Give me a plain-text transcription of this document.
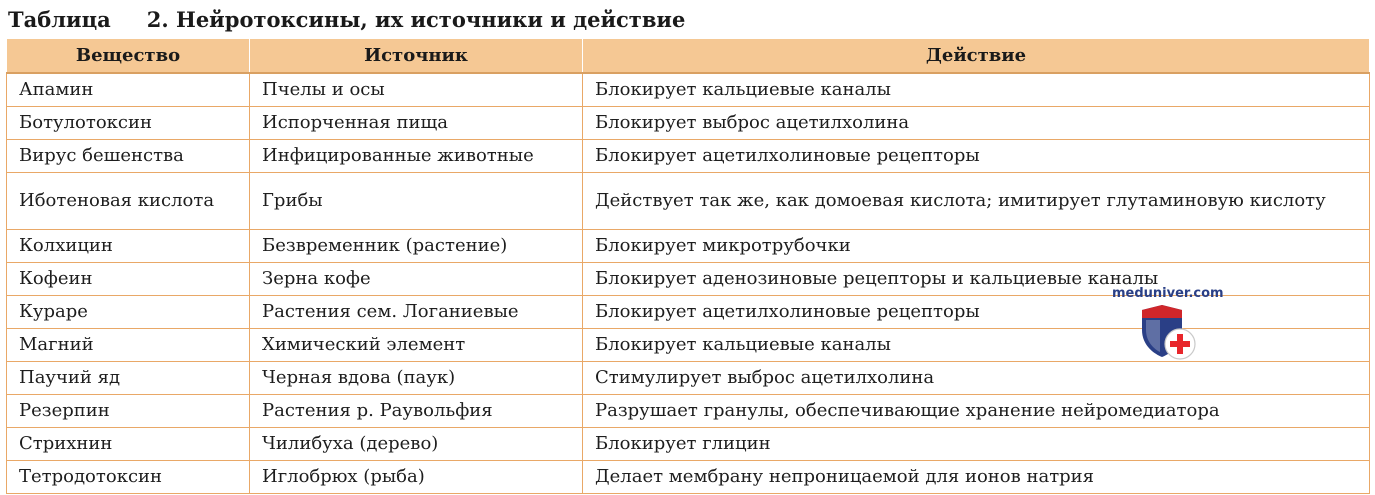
Таблица 2. Нейротоксины, их источники и действие
Вещество	Источник	Действие
Апамин	Пчелы и осы	Блокирует кальциевые каналы
Ботулотоксин	Испорченная пища	Блокирует выброс ацетилхолина
Вирус бешенства	Инфицированные животные	Блокирует ацетилхолиновые рецепторы
Иботеновая кислота	Грибы	Действует так же, как домоевая кислота; имитирует глутаминовую кислоту
Колхицин	Безвременник (растение)	Блокирует микротрубочки
Кофеин	Зерна кофе	Блокирует аденозиновые рецепторы и кальциевые каналы
Кураре	Растения сем. Логаниевые	Блокирует ацетилхолиновые рецепторы
Магний	Химический элемент	Блокирует кальциевые каналы
Паучий яд	Черная вдова (паук)	Стимулирует выброс ацетилхолина
Резерпин	Растения р. Раувольфия	Разрушает гранулы, обеспечивающие хранение нейромедиатора
Стрихнин	Чилибуха (дерево)	Блокирует глицин
Тетродотоксин	Иглобрюх (рыба)	Делает мембрану непроницаемой для ионов натрия
meduniver.com
